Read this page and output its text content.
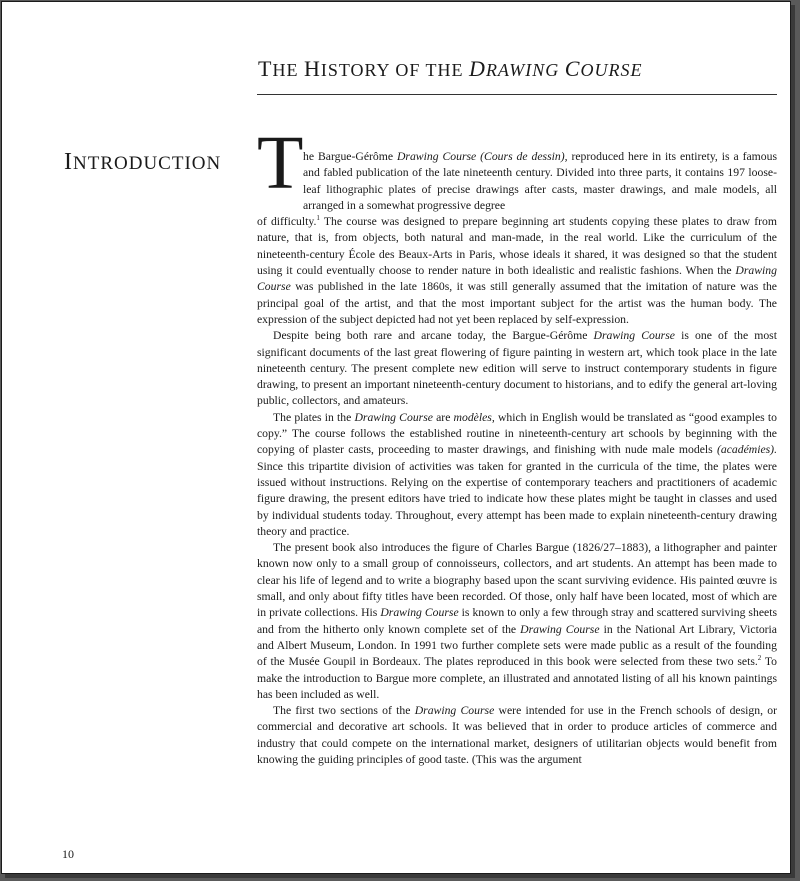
THE HISTORY OF THE DRAWING COURSE
INTRODUCTION T he Bargue-Gérôme Drawing Course (Cours de dessin), reproduced here in its entirety, is a famous and fabled publication of the late nineteenth century. Divided into three parts, it contains 197 loose-leaf lithographic plates of precise drawings after casts, master drawings, and male models, all arranged in a somewhat progressive degree
of difficulty.$^1$ The course was designed to prepare beginning art students copying these plates to draw from nature, that is, from objects, both natural and man-made, in the real world. Like the curriculum of the nineteenth-century École des Beaux-Arts in Paris, whose ideals it shared, it was designed so that the student using it could eventually choose to render nature in both idealistic and realistic fashions. When the Drawing Course was published in the late 1860s, it was still generally assumed that the imitation of nature was the principal goal of the artist, and that the most important subject for the artist was the human body. The expression of the subject depicted had not yet been replaced by self-expression.

Despite being both rare and arcane today, the Bargue-Gérôme Drawing Course is one of the most significant documents of the last great flowering of figure painting in western art, which took place in the late nineteenth century. The present complete new edition will serve to instruct contemporary students in figure drawing, to present an important nineteenth-century document to historians, and to edify the general art-loving public, collectors, and amateurs.

The plates in the Drawing Course are modèles, which in English would be translated as “good examples to copy.” The course follows the established routine in nineteenth-century art schools by beginning with the copying of plaster casts, proceeding to master drawings, and finishing with nude male models (académies). Since this tripartite division of activities was taken for granted in the curricula of the time, the plates were issued without instructions. Relying on the expertise of contemporary teachers and practitioners of academic figure drawing, the present editors have tried to indicate how these plates might be taught in classes and used by individual students today. Throughout, every attempt has been made to explain nineteenth-century drawing theory and practice.

The present book also introduces the figure of Charles Bargue (1826/27–1883), a lithographer and painter known now only to a small group of connoisseurs, collectors, and art students. An attempt has been made to clear his life of legend and to write a biography based upon the scant surviving evidence. His painted œuvre is small, and only about fifty titles have been recorded. Of those, only half have been located, most of which are in private collections. His Drawing Course is known to only a few through stray and scattered surviving sheets and from the hitherto only known complete set of the Drawing Course in the National Art Library, Victoria and Albert Museum, London. In 1991 two further complete sets were made public as a result of the founding of the Musée Goupil in Bordeaux. The plates reproduced in this book were selected from these two sets.$^2$ To make the introduction to Bargue more complete, an illustrated and annotated listing of all his known paintings has been included as well.

The first two sections of the Drawing Course were intended for use in the French schools of design, or commercial and decorative art schools. It was believed that in order to produce articles of commerce and industry that could compete on the international market, designers of utilitarian objects would benefit from knowing the guiding principles of good taste. (This was the argument

10
